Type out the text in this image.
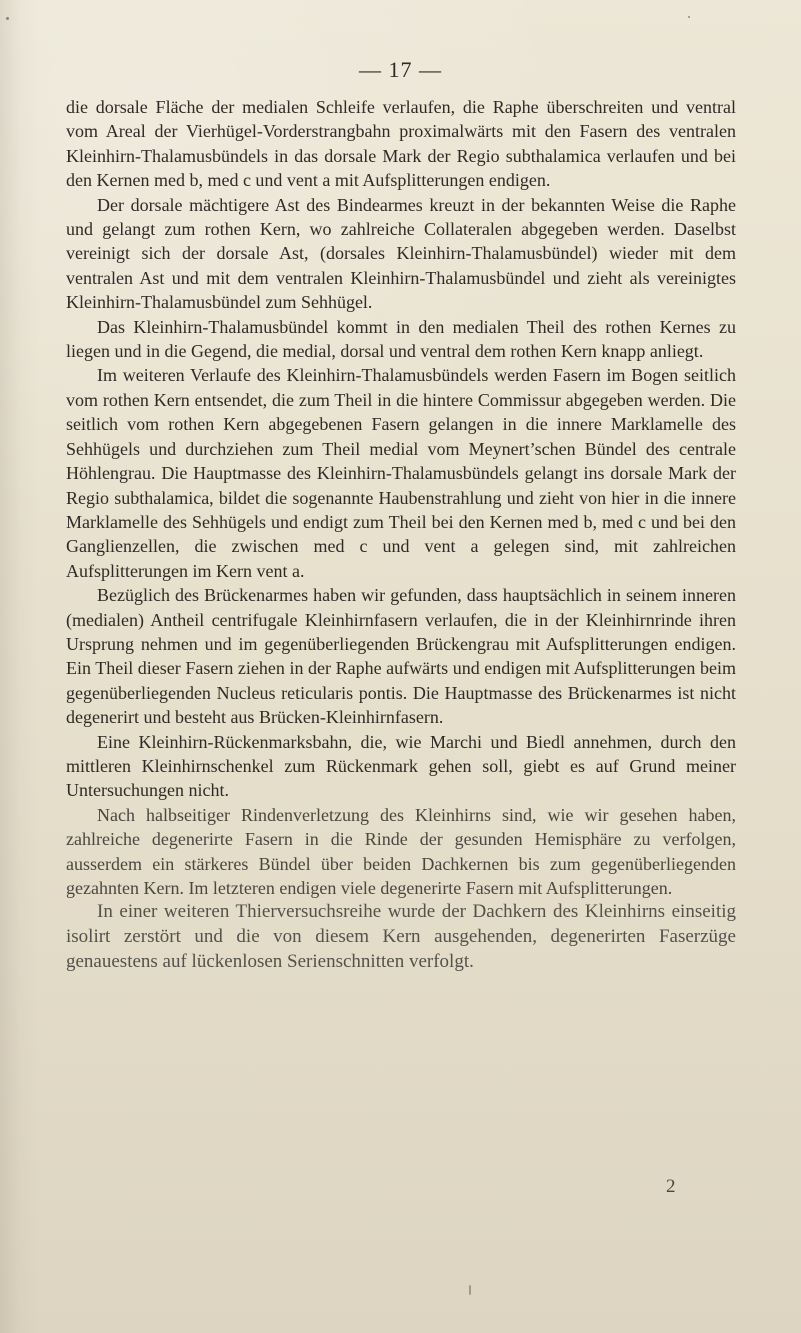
— 17 —

die dorsale Fläche der medialen Schleife verlaufen, die Raphe überschreiten und ventral vom Areal der Vierhügel-Vorderstrangbahn proximalwärts mit den Fasern des ventralen Kleinhirn-Thalamusbündels in das dorsale Mark der Regio subthalamica verlaufen und bei den Kernen med b, med c und vent a mit Aufsplitterungen endigen.

Der dorsale mächtigere Ast des Bindearmes kreuzt in der bekannten Weise die Raphe und gelangt zum rothen Kern, wo zahlreiche Collateralen abgegeben werden. Daselbst vereinigt sich der dorsale Ast, (dorsales Kleinhirn-Thalamusbündel) wieder mit dem ventralen Ast und mit dem ventralen Kleinhirn-Thalamusbündel und zieht als vereinigtes Kleinhirn-Thalamusbündel zum Sehhügel.

Das Kleinhirn-Thalamusbündel kommt in den medialen Theil des rothen Kernes zu liegen und in die Gegend, die medial, dorsal und ventral dem rothen Kern knapp anliegt.

Im weiteren Verlaufe des Kleinhirn-Thalamusbündels werden Fasern im Bogen seitlich vom rothen Kern entsendet, die zum Theil in die hintere Commissur abgegeben werden. Die seitlich vom rothen Kern abgegebenen Fasern gelangen in die innere Marklamelle des Sehhügels und durchziehen zum Theil medial vom Meynert’schen Bündel des centrale Höhlengrau. Die Hauptmasse des Kleinhirn-Thalamusbündels gelangt ins dorsale Mark der Regio subthalamica, bildet die sogenannte Haubenstrahlung und zieht von hier in die innere Marklamelle des Sehhügels und endigt zum Theil bei den Kernen med b, med c und bei den Ganglienzellen, die zwischen med c und vent a gelegen sind, mit zahlreichen Aufsplitterungen im Kern vent a.

Bezüglich des Brückenarmes haben wir gefunden, dass hauptsächlich in seinem inneren (medialen) Antheil centrifugale Kleinhirnfasern verlaufen, die in der Kleinhirnrinde ihren Ursprung nehmen und im gegenüberliegenden Brückengrau mit Aufsplitterungen endigen. Ein Theil dieser Fasern ziehen in der Raphe aufwärts und endigen mit Aufsplitterungen beim gegenüberliegenden Nucleus reticularis pontis. Die Hauptmasse des Brückenarmes ist nicht degenerirt und besteht aus Brücken-Kleinhirnfasern.

Eine Kleinhirn-Rückenmarksbahn, die, wie Marchi und Biedl annehmen, durch den mittleren Kleinhirnschenkel zum Rückenmark gehen soll, giebt es auf Grund meiner Untersuchungen nicht.

Nach halbseitiger Rindenverletzung des Kleinhirns sind, wie wir gesehen haben, zahlreiche degenerirte Fasern in die Rinde der gesunden Hemisphäre zu verfolgen, ausserdem ein stärkeres Bündel über beiden Dachkernen bis zum gegenüberliegenden gezahnten Kern. Im letzteren endigen viele degenerirte Fasern mit Aufsplitterungen.

In einer weiteren Thierversuchsreihe wurde der Dachkern des Kleinhirns einseitig isolirt zerstört und die von diesem Kern ausgehenden, degenerirten Faserzüge genauestens auf lückenlosen Serienschnitten verfolgt.

2
